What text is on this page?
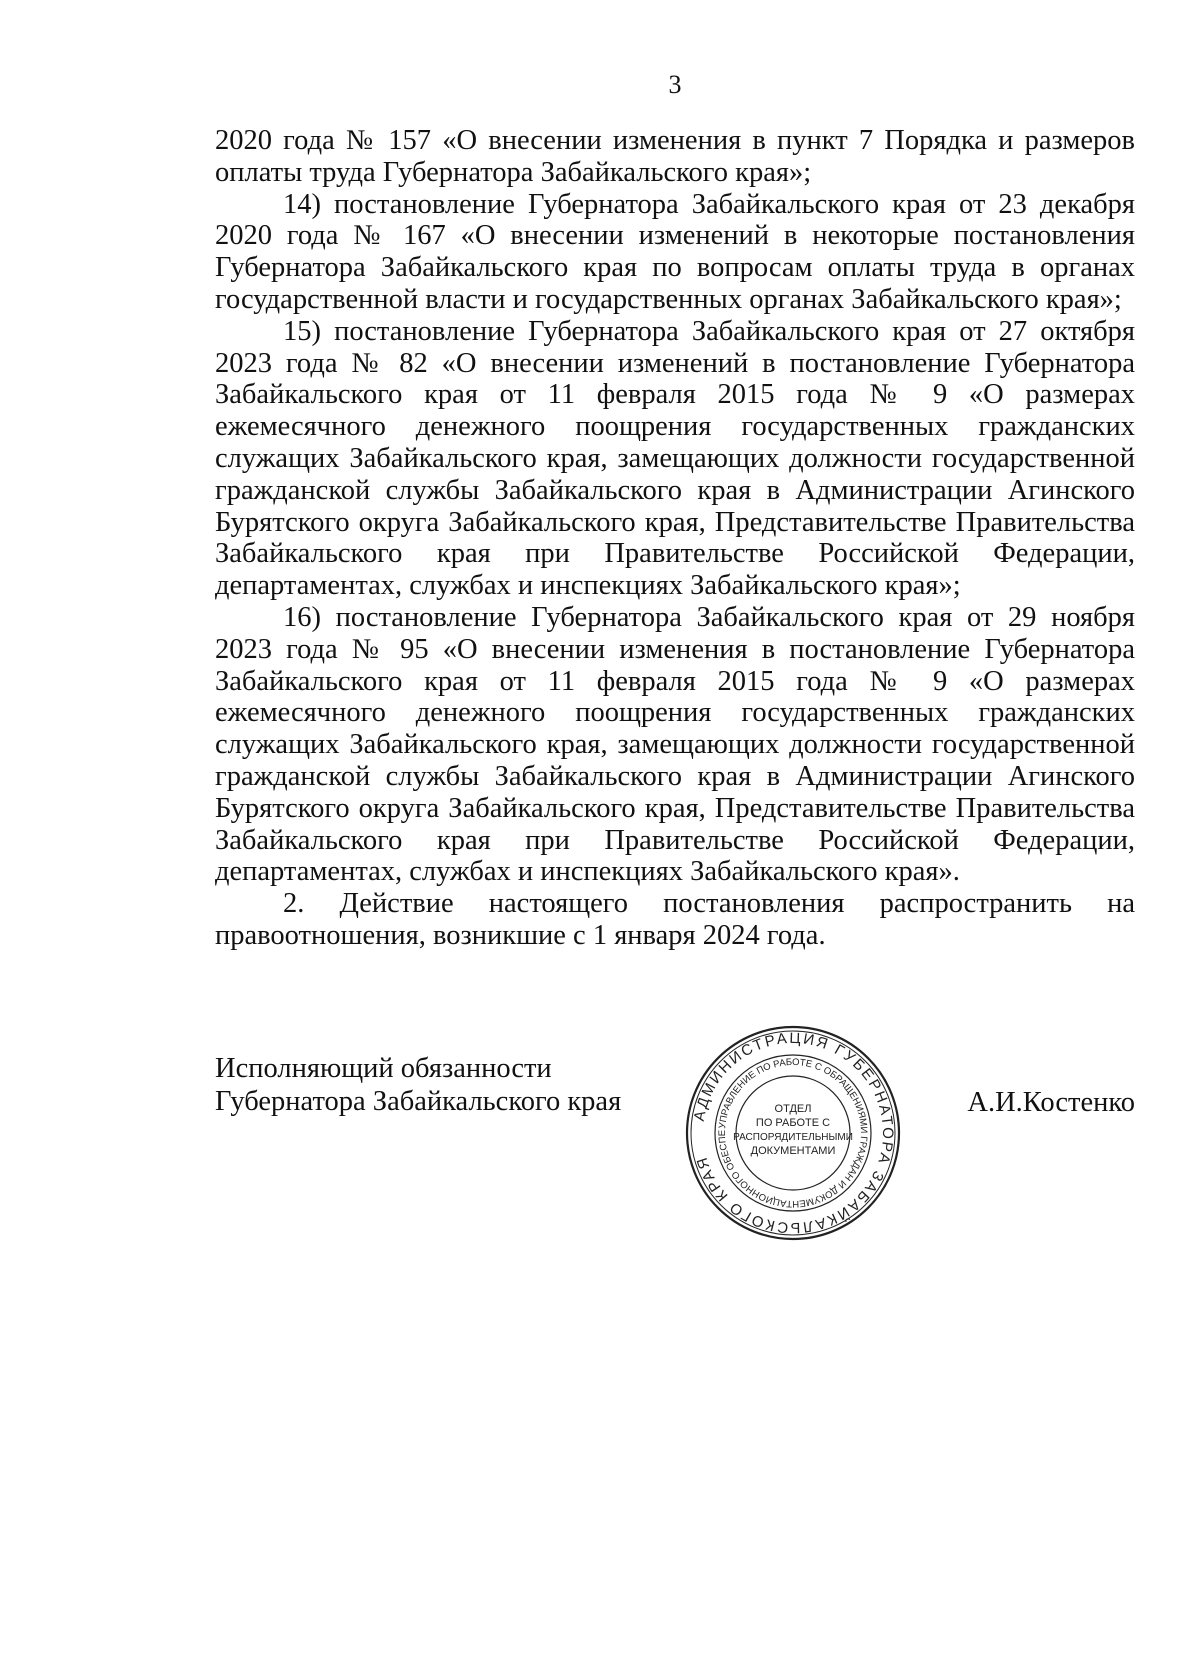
3

2020 года № 157 «О внесении изменения в пункт 7 Порядка и размеров оплаты труда Губернатора Забайкальского края»;

14) постановление Губернатора Забайкальского края от 23 декабря 2020 года № 167 «О внесении изменений в некоторые постановления Губернатора Забайкальского края по вопросам оплаты труда в органах государственной власти и государственных органах Забайкальского края»;

15) постановление Губернатора Забайкальского края от 27 октября 2023 года № 82 «О внесении изменений в постановление Губернатора Забайкальского края от 11 февраля 2015 года № 9 «О размерах ежемесячного денежного поощрения государственных гражданских служащих Забайкальского края, замещающих должности государственной гражданской службы Забайкальского края в Администрации Агинского Бурятского округа Забайкальского края, Представительстве Правительства Забайкальского края при Правительстве Российской Федерации, департаментах, службах и инспекциях Забайкальского края»;

16) постановление Губернатора Забайкальского края от 29 ноября 2023 года № 95 «О внесении изменения в постановление Губернатора Забайкальского края от 11 февраля 2015 года № 9 «О размерах ежемесячного денежного поощрения государственных гражданских служащих Забайкальского края, замещающих должности государственной гражданской службы Забайкальского края в Администрации Агинского Бурятского округа Забайкальского края, Представительстве Правительства Забайкальского края при Правительстве Российской Федерации, департаментах, службах и инспекциях Забайкальского края».

2. Действие настоящего постановления распространить на правоотношения, возникшие с 1 января 2024 года.

Исполняющий обязанности
Губернатора Забайкальского края	АДМИНИСТРАЦИЯ ГУБЕРНАТОРА ЗАБАЙКАЛЬСКОГО КРАЯ
УПРАВЛЕНИЕ ПО РАБОТЕ С ОБРАЩЕНИЯМИ ГРАЖДАН И ДОКУМЕНТАЦИОННОГО ОБЕСПЕ
ОТДЕЛ
ПО РАБОТЕ С
РАСПОРЯДИТЕЛЬНЫМИ
ДОКУМЕНТАМИ
А.И.Костенко
